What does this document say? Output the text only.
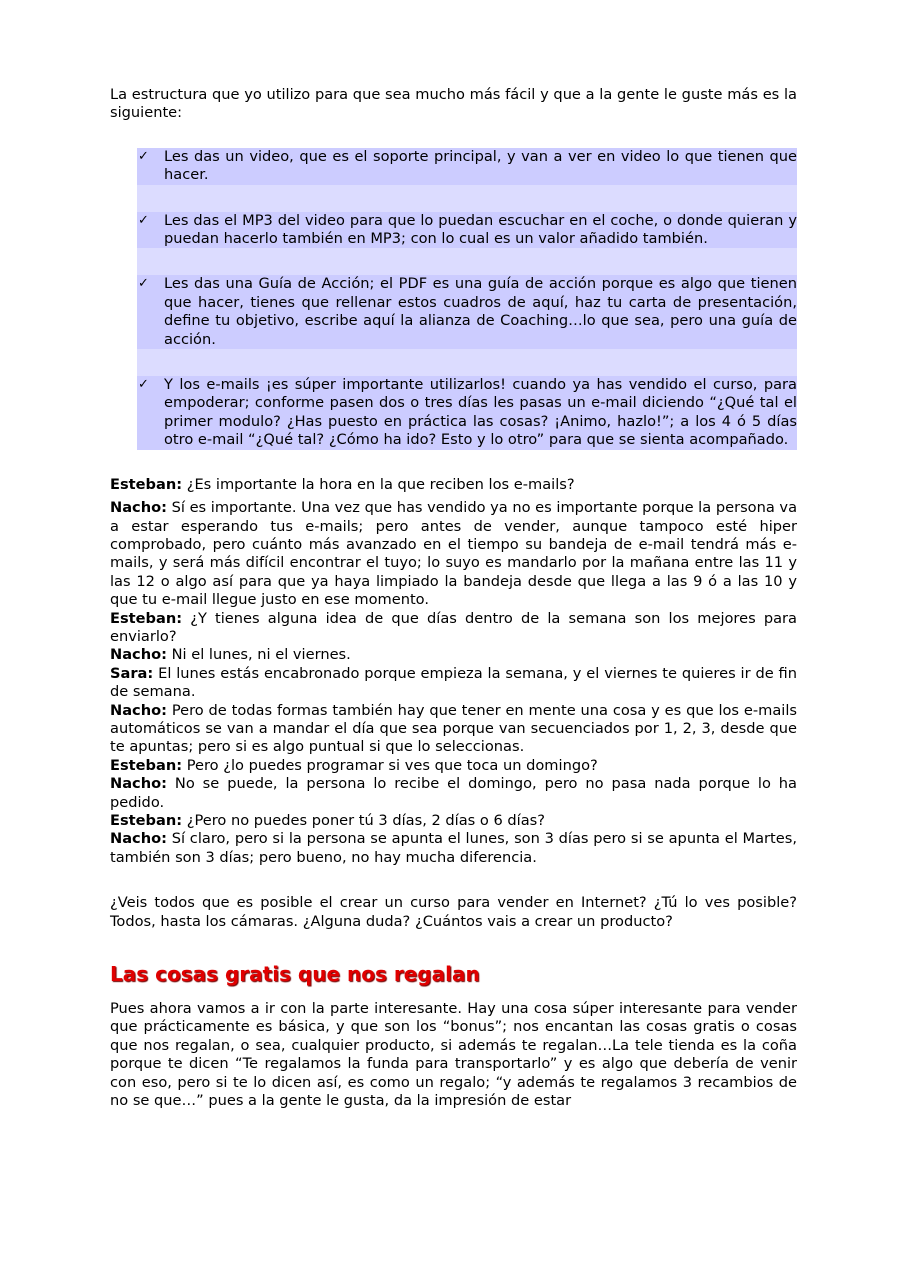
La estructura que yo utilizo para que sea mucho más fácil y que a la gente le guste más es la siguiente:

✓ Les das un video, que es el soporte principal, y van a ver en video lo que tienen que hacer.
✓ Les das el MP3 del video para que lo puedan escuchar en el coche, o donde quieran y puedan hacerlo también en MP3; con lo cual es un valor añadido también.
✓ Les das una Guía de Acción; el PDF es una guía de acción porque es algo que tienen que hacer, tienes que rellenar estos cuadros de aquí, haz tu carta de presentación, define tu objetivo, escribe aquí la alianza de Coaching…lo que sea, pero una guía de acción.
✓ Y los e-mails ¡es súper importante utilizarlos! cuando ya has vendido el curso, para empoderar; conforme pasen dos o tres días les pasas un e-mail diciendo “¿Qué tal el primer modulo? ¿Has puesto en práctica las cosas? ¡Animo, hazlo!”; a los 4 ó 5 días otro e-mail “¿Qué tal? ¿Cómo ha ido? Esto y lo otro” para que se sienta acompañado.

Esteban: ¿Es importante la hora en la que reciben los e-mails?

Nacho: Sí es importante. Una vez que has vendido ya no es importante porque la persona va a estar esperando tus e-mails; pero antes de vender, aunque tampoco esté hiper comprobado, pero cuánto más avanzado en el tiempo su bandeja de e-mail tendrá más e-mails, y será más difícil encontrar el tuyo; lo suyo es mandarlo por la mañana entre las 11 y las 12 o algo así para que ya haya limpiado la bandeja desde que llega a las 9 ó a las 10 y que tu e-mail llegue justo en ese momento.

Esteban: ¿Y tienes alguna idea de que días dentro de la semana son los mejores para enviarlo?

Nacho: Ni el lunes, ni el viernes.

Sara: El lunes estás encabronado porque empieza la semana, y el viernes te quieres ir de fin de semana.

Nacho: Pero de todas formas también hay que tener en mente una cosa y es que los e-mails automáticos se van a mandar el día que sea porque van secuenciados por 1, 2, 3, desde que te apuntas; pero si es algo puntual si que lo seleccionas.

Esteban: Pero ¿lo puedes programar si ves que toca un domingo?

Nacho: No se puede, la persona lo recibe el domingo, pero no pasa nada porque lo ha pedido.

Esteban: ¿Pero no puedes poner tú 3 días, 2 días o 6 días?

Nacho: Sí claro, pero si la persona se apunta el lunes, son 3 días pero si se apunta el Martes, también son 3 días; pero bueno, no hay mucha diferencia.

¿Veis todos que es posible el crear un curso para vender en Internet? ¿Tú lo ves posible? Todos, hasta los cámaras. ¿Alguna duda? ¿Cuántos vais a crear un producto?

Las cosas gratis que nos regalan

Pues ahora vamos a ir con la parte interesante. Hay una cosa súper interesante para vender que prácticamente es básica, y que son los “bonus”; nos encantan las cosas gratis o cosas que nos regalan, o sea, cualquier producto, si además te regalan…La tele tienda es la coña porque te dicen “Te regalamos la funda para transportarlo” y es algo que debería de venir con eso, pero si te lo dicen así, es como un regalo; “y además te regalamos 3 recambios de no se que…” pues a la gente le gusta, da la impresión de estar
